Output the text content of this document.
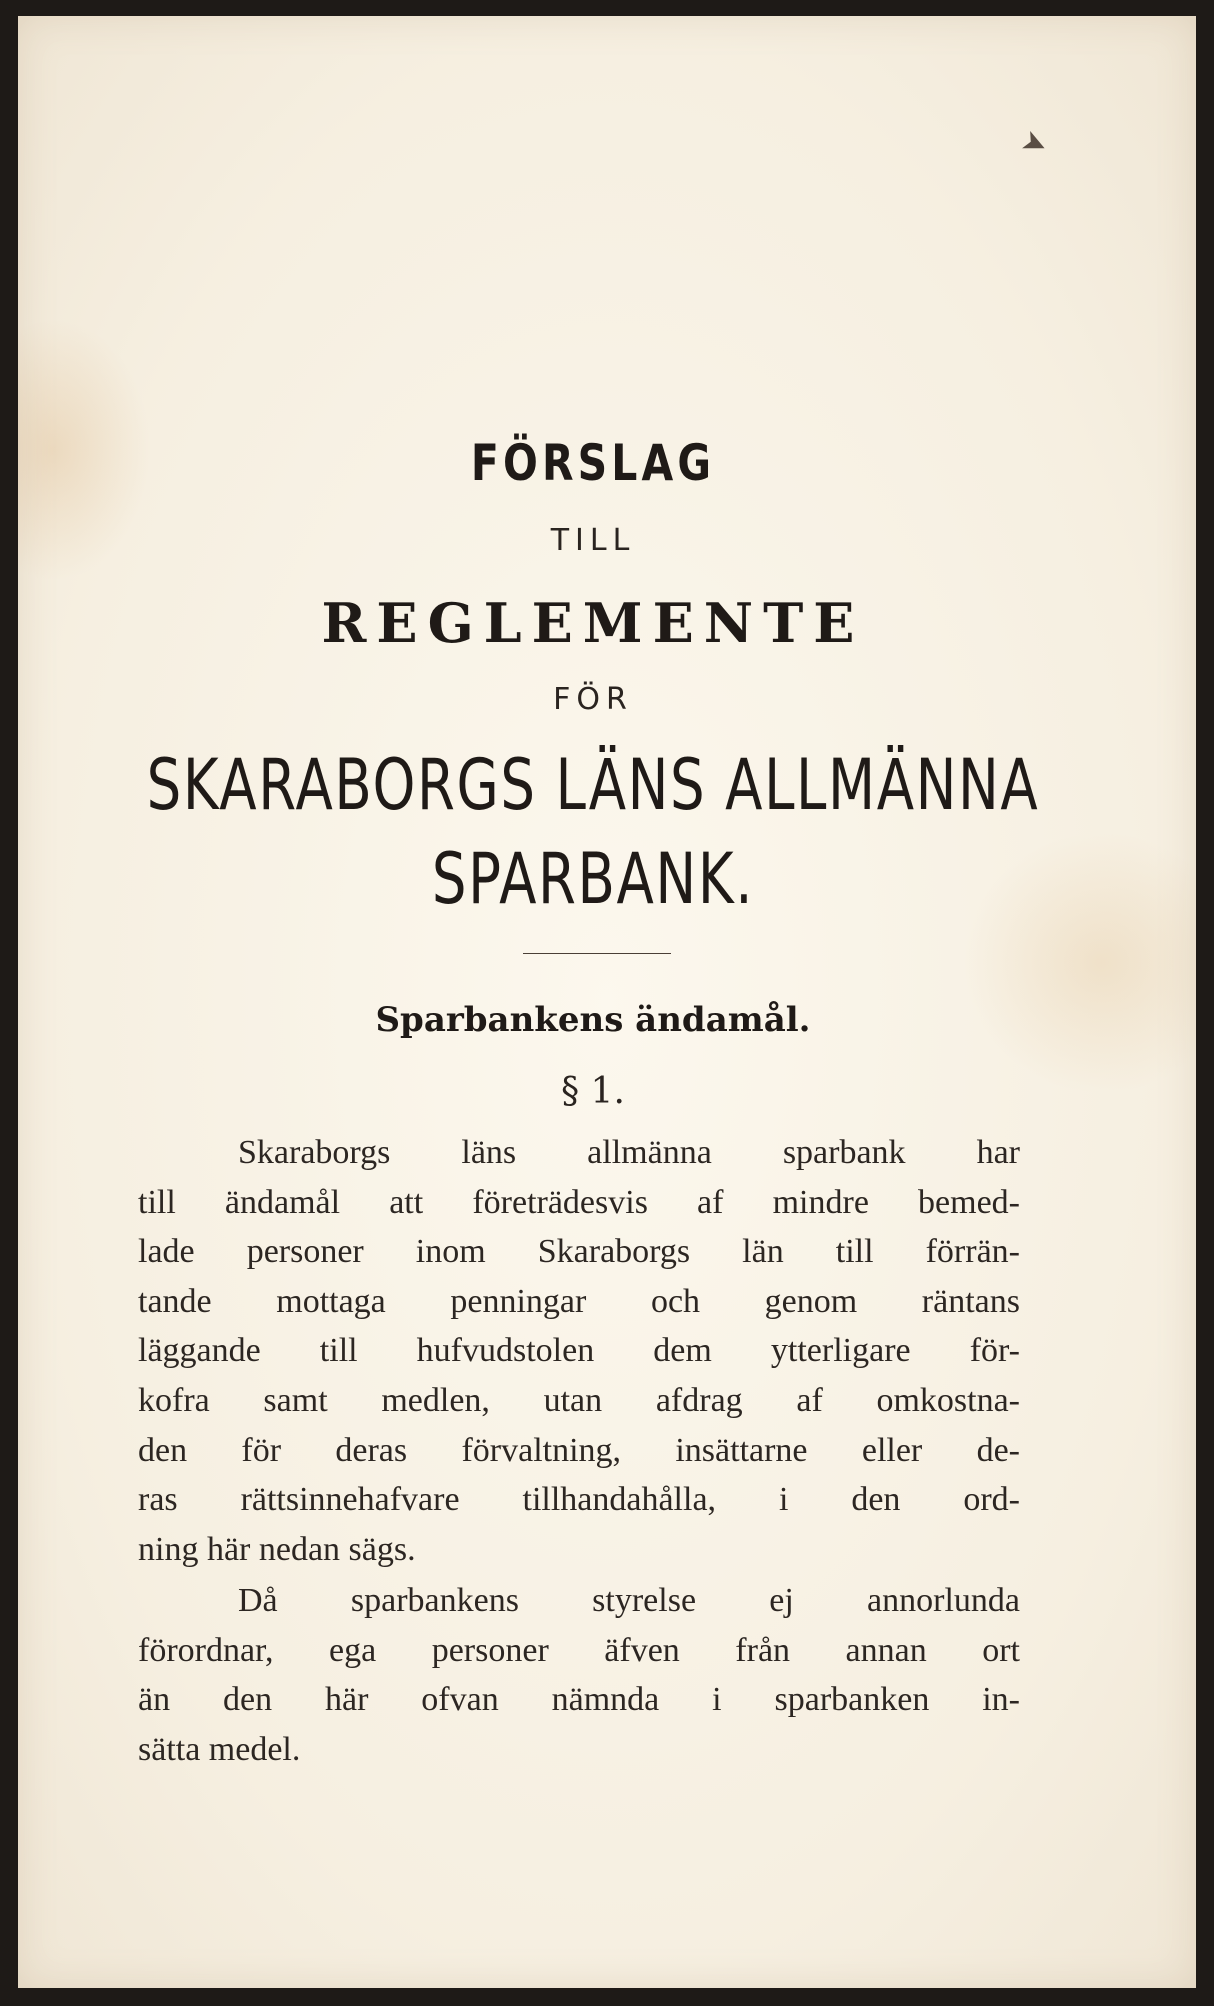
➤
FÖRSLAG
TILL
REGLEMENTE
FÖR
SKARABORGS LÄNS ALLMÄNNA
SPARBANK.
Sparbankens ändamål.
§ 1.
Skaraborgs läns allmänna sparbank har
till ändamål att företrädesvis af mindre bemed-
lade personer inom Skaraborgs län till förrän-
tande mottaga penningar och genom räntans
läggande till hufvudstolen dem ytterligare för-
kofra samt medlen, utan afdrag af omkostna-
den för deras förvaltning, insättarne eller de-
ras rättsinnehafvare tillhandahålla, i den ord-
ning här nedan sägs.
Då sparbankens styrelse ej annorlunda
förordnar, ega personer äfven från annan ort
än den här ofvan nämnda i sparbanken in-
sätta medel.
